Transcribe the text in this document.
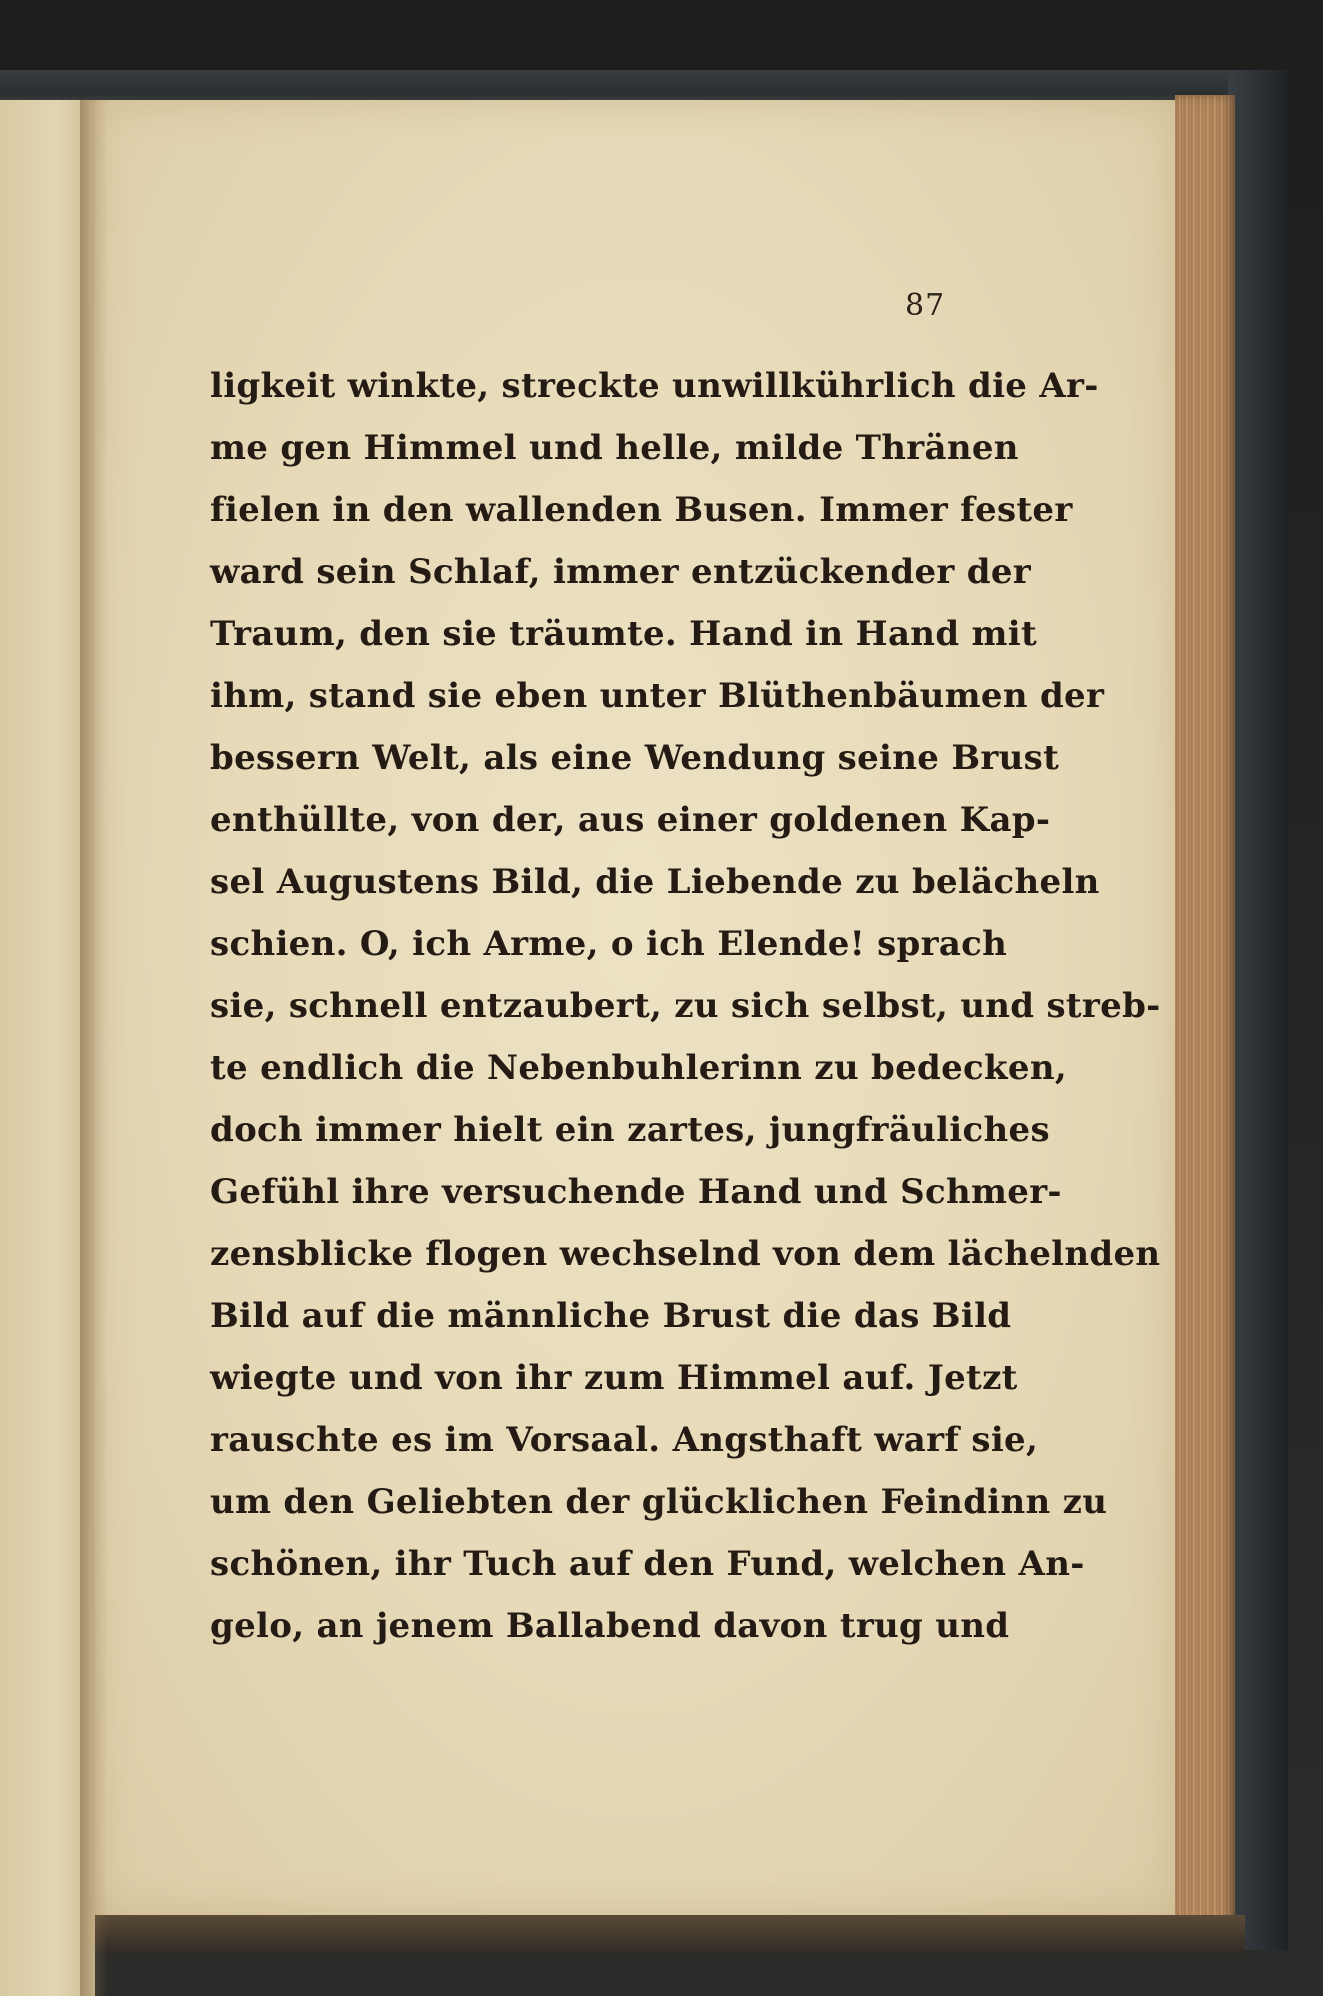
87
ligkeit winkte, streckte unwillkührlich die Ar-
me gen Himmel und helle, milde Thränen
fielen in den wallenden Busen. Immer fester
ward sein Schlaf, immer entzückender der
Traum, den sie träumte. Hand in Hand mit
ihm, stand sie eben unter Blüthenbäumen der
bessern Welt, als eine Wendung seine Brust
enthüllte, von der, aus einer goldenen Kap-
sel Augustens Bild, die Liebende zu belächeln
schien. O, ich Arme, o ich Elende! sprach
sie, schnell entzaubert, zu sich selbst, und streb-
te endlich die Nebenbuhlerinn zu bedecken,
doch immer hielt ein zartes, jungfräuliches
Gefühl ihre versuchende Hand und Schmer-
zensblicke flogen wechselnd von dem lächelnden
Bild auf die männliche Brust die das Bild
wiegte und von ihr zum Himmel auf. Jetzt
rauschte es im Vorsaal. Angsthaft warf sie,
um den Geliebten der glücklichen Feindinn zu
schönen, ihr Tuch auf den Fund, welchen An-
gelo, an jenem Ballabend davon trug und
